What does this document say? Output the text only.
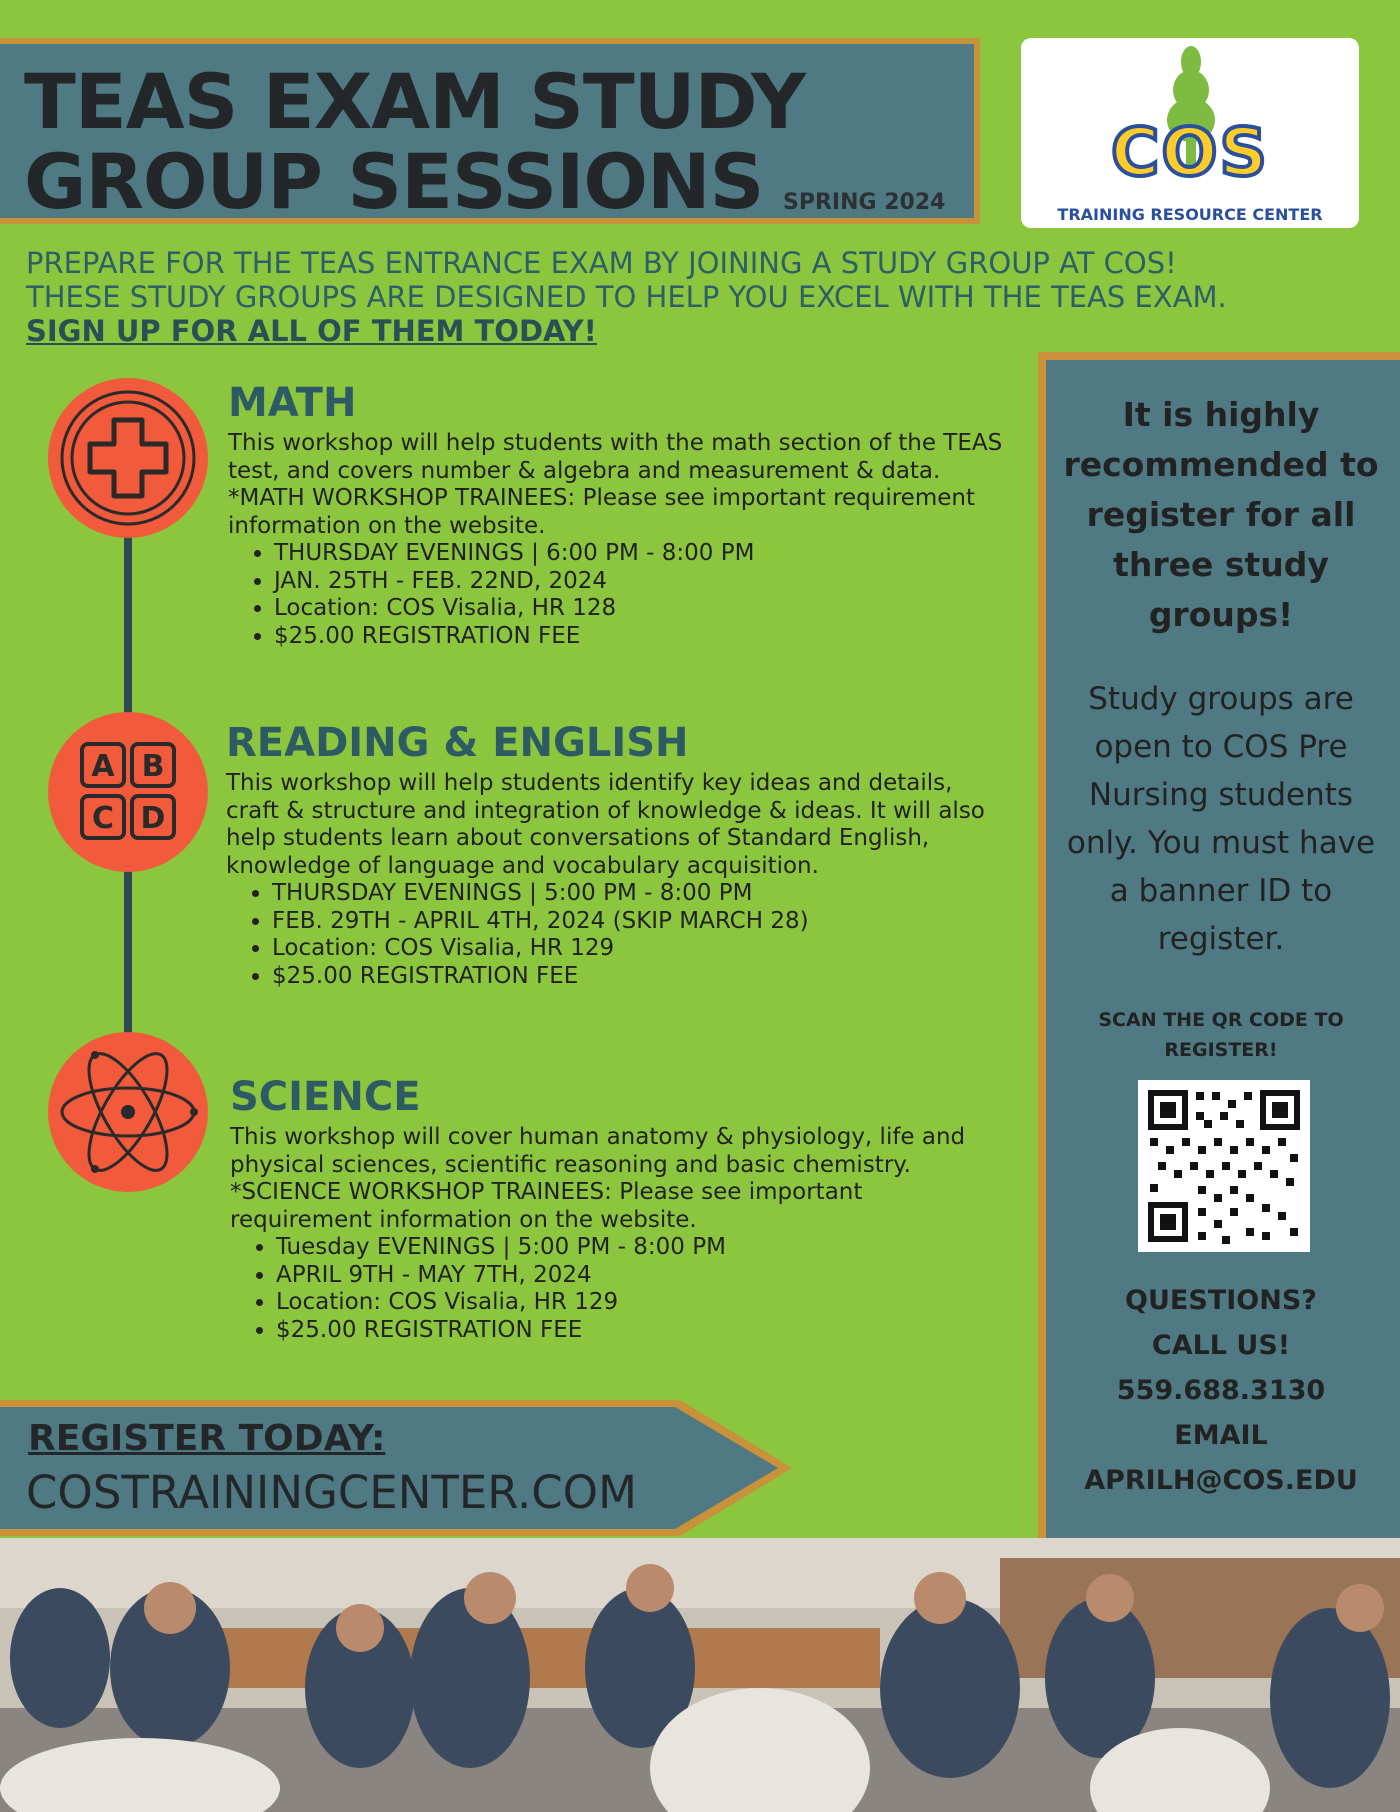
TEAS EXAM STUDY
GROUP SESSIONS SPRING 2024
COS
TRAINING RESOURCE CENTER
PREPARE FOR THE TEAS ENTRANCE EXAM BY JOINING A STUDY GROUP AT COS! THESE STUDY GROUPS ARE DESIGNED TO HELP YOU EXCEL WITH THE TEAS EXAM. SIGN UP FOR ALL OF THEM TODAY!
A B
C D
MATH

This workshop will help students with the math section of the TEAS test, and covers number & algebra and measurement & data.

*MATH WORKSHOP TRAINEES: Please see important requirement information on the website.

• THURSDAY EVENINGS | 6:00 PM - 8:00 PM
• JAN. 25TH - FEB. 22ND, 2024
• Location: COS Visalia, HR 128
• $25.00 REGISTRATION FEE
READING & ENGLISH

This workshop will help students identify key ideas and details, craft & structure and integration of knowledge & ideas. It will also help students learn about conversations of Standard English, knowledge of language and vocabulary acquisition.

• THURSDAY EVENINGS | 5:00 PM - 8:00 PM
• FEB. 29TH - APRIL 4TH, 2024 (SKIP MARCH 28)
• Location: COS Visalia, HR 129
• $25.00 REGISTRATION FEE
SCIENCE

This workshop will cover human anatomy & physiology, life and physical sciences, scientific reasoning and basic chemistry.

*SCIENCE WORKSHOP TRAINEES: Please see important requirement information on the website.

• Tuesday EVENINGS | 5:00 PM - 8:00 PM
• APRIL 9TH - MAY 7TH, 2024
• Location: COS Visalia, HR 129
• $25.00 REGISTRATION FEE
It is highly recommended to register for all three study groups!
Study groups are open to COS Pre Nursing students only. You must have a banner ID to register.
SCAN THE QR CODE TO REGISTER!
QUESTIONS?
CALL US!
559.688.3130
EMAIL
APRILH@COS.EDU
REGISTER TODAY:
COSTRAININGCENTER.COM
